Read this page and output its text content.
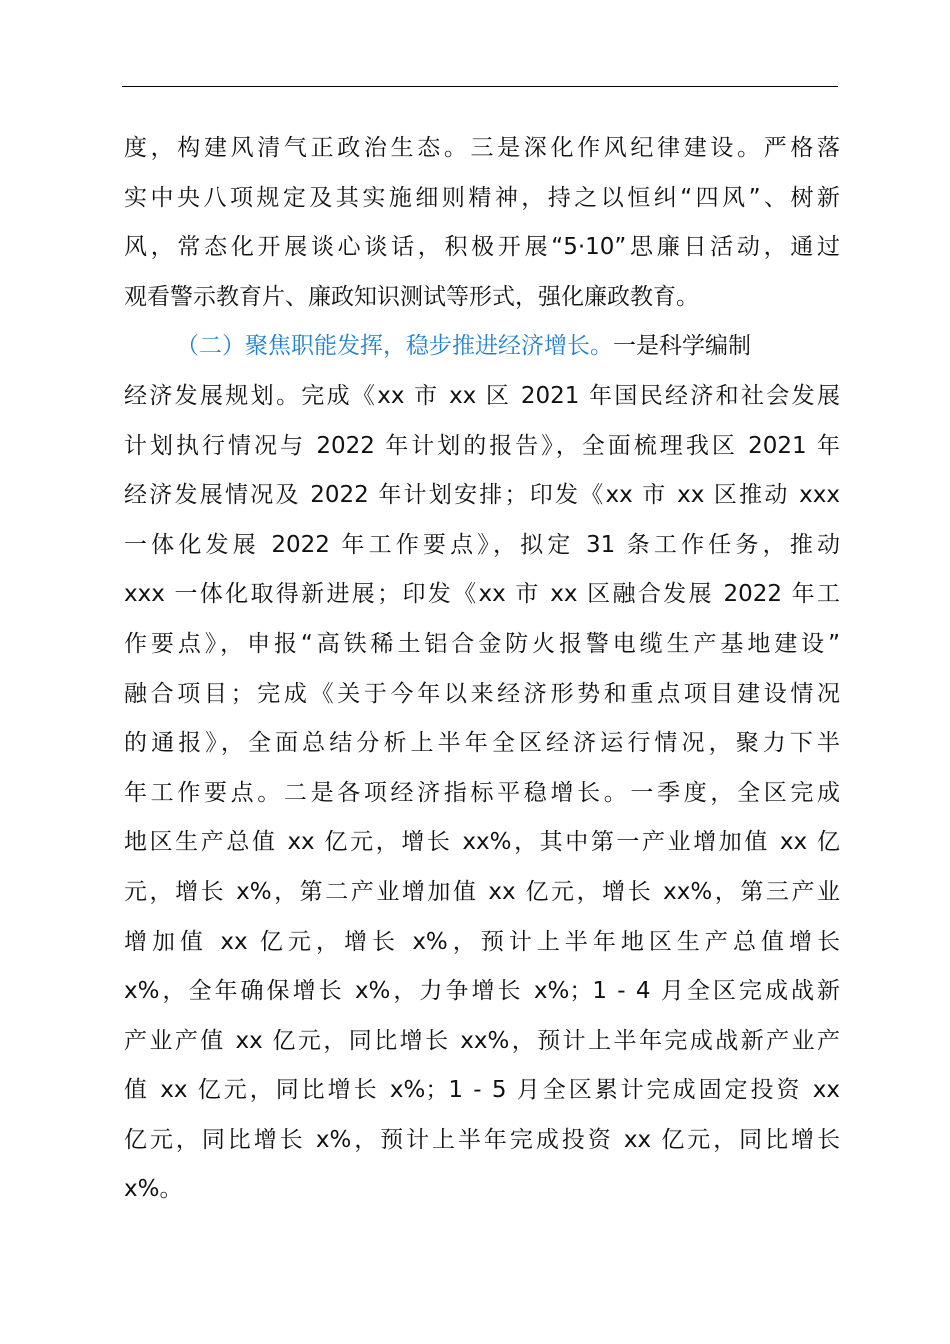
度，构建风清气正政治生态。三是深化作风纪律建设。严格落
实中央八项规定及其实施细则精神，持之以恒纠“四风”、树新
风，常态化开展谈心谈话，积极开展“5·10”思廉日活动，通过
观看警示教育片、廉政知识测试等形式，强化廉政教育。
（二）聚焦职能发挥，稳步推进经济增长。一是科学编制
经济发展规划。完成《xx 市 xx 区 2021 年国民经济和社会发展
计划执行情况与 2022 年计划的报告》，全面梳理我区 2021 年
经济发展情况及 2022 年计划安排；印发《xx 市 xx 区推动 xxx
一体化发展 2022 年工作要点》，拟定 31 条工作任务，推动
xxx 一体化取得新进展；印发《xx 市 xx 区融合发展 2022 年工
作要点》，申报“高铁稀土铝合金防火报警电缆生产基地建设”
融合项目；完成《关于今年以来经济形势和重点项目建设情况
的通报》，全面总结分析上半年全区经济运行情况，聚力下半
年工作要点。二是各项经济指标平稳增长。一季度，全区完成
地区生产总值 xx 亿元，增长 xx%，其中第一产业增加值 xx 亿
元，增长 x%，第二产业增加值 xx 亿元，增长 xx%，第三产业
增加值 xx 亿元，增长 x%，预计上半年地区生产总值增长
x%，全年确保增长 x%，力争增长 x%；1 - 4 月全区完成战新
产业产值 xx 亿元，同比增长 xx%，预计上半年完成战新产业产
值 xx 亿元，同比增长 x%；1 - 5 月全区累计完成固定投资 xx
亿元，同比增长 x%，预计上半年完成投资 xx 亿元，同比增长
x%。
